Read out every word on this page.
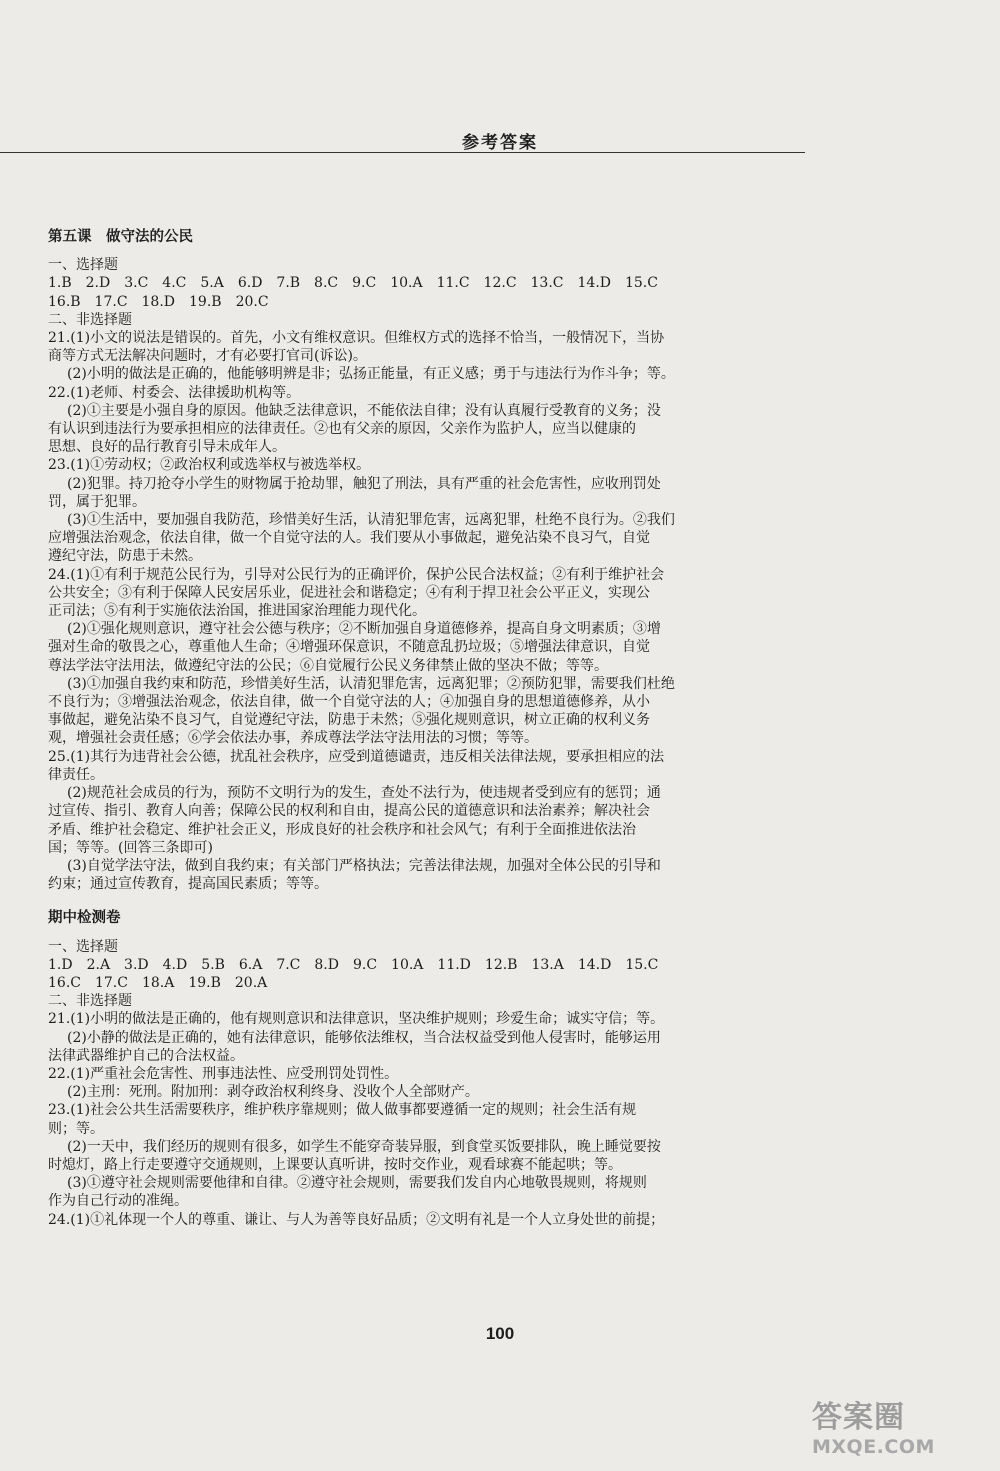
参考答案
第五课　做守法的公民
一、选择题
1.B　2.D　3.C　4.C　5.A　6.D　7.B　8.C　9.C　10.A　11.C　12.C　13.C　14.D　15.C
16.B　17.C　18.D　19.B　20.C
二、非选择题
21.(1)小文的说法是错误的。首先，小文有维权意识。但维权方式的选择不恰当，一般情况下，当协
商等方式无法解决问题时，才有必要打官司(诉讼)。
(2)小明的做法是正确的，他能够明辨是非；弘扬正能量，有正义感；勇于与违法行为作斗争；等。
22.(1)老师、村委会、法律援助机构等。
(2)①主要是小强自身的原因。他缺乏法律意识，不能依法自律；没有认真履行受教育的义务；没
有认识到违法行为要承担相应的法律责任。②也有父亲的原因，父亲作为监护人，应当以健康的
思想、良好的品行教育引导未成年人。
23.(1)①劳动权；②政治权利或选举权与被选举权。
(2)犯罪。持刀抢夺小学生的财物属于抢劫罪，触犯了刑法，具有严重的社会危害性，应收刑罚处
罚，属于犯罪。
(3)①生活中，要加强自我防范，珍惜美好生活，认清犯罪危害，远离犯罪，杜绝不良行为。②我们
应增强法治观念，依法自律，做一个自觉守法的人。我们要从小事做起，避免沾染不良习气，自觉
遵纪守法，防患于未然。
24.(1)①有利于规范公民行为，引导对公民行为的正确评价，保护公民合法权益；②有利于维护社会
公共安全；③有利于保障人民安居乐业，促进社会和谐稳定；④有利于捍卫社会公平正义，实现公
正司法；⑤有利于实施依法治国，推进国家治理能力现代化。
(2)①强化规则意识，遵守社会公德与秩序；②不断加强自身道德修养，提高自身文明素质；③增
强对生命的敬畏之心，尊重他人生命；④增强环保意识，不随意乱扔垃圾；⑤增强法律意识，自觉
尊法学法守法用法，做遵纪守法的公民；⑥自觉履行公民义务律禁止做的坚决不做；等等。
(3)①加强自我约束和防范，珍惜美好生活，认清犯罪危害，远离犯罪；②预防犯罪，需要我们杜绝
不良行为；③增强法治观念，依法自律，做一个自觉守法的人；④加强自身的思想道德修养，从小
事做起，避免沾染不良习气，自觉遵纪守法，防患于未然；⑤强化规则意识，树立正确的权利义务
观，增强社会责任感；⑥学会依法办事，养成尊法学法守法用法的习惯；等等。
25.(1)其行为违背社会公德，扰乱社会秩序，应受到道德谴责，违反相关法律法规，要承担相应的法
律责任。
(2)规范社会成员的行为，预防不文明行为的发生，查处不法行为，使违规者受到应有的惩罚；通
过宣传、指引、教育人向善；保障公民的权利和自由，提高公民的道德意识和法治素养；解决社会
矛盾、维护社会稳定、维护社会正义，形成良好的社会秩序和社会风气；有利于全面推进依法治
国；等等。(回答三条即可)
(3)自觉学法守法，做到自我约束；有关部门严格执法；完善法律法规，加强对全体公民的引导和
约束；通过宣传教育，提高国民素质；等等。
期中检测卷
一、选择题
1.D　2.A　3.D　4.D　5.B　6.A　7.C　8.D　9.C　10.A　11.D　12.B　13.A　14.D　15.C
16.C　17.C　18.A　19.B　20.A
二、非选择题
21.(1)小明的做法是正确的，他有规则意识和法律意识，坚决维护规则；珍爱生命；诚实守信；等。
(2)小静的做法是正确的，她有法律意识，能够依法维权，当合法权益受到他人侵害时，能够运用
法律武器维护自己的合法权益。
22.(1)严重社会危害性、刑事违法性、应受刑罚处罚性。
(2)主刑：死刑。附加刑：剥夺政治权利终身、没收个人全部财产。
23.(1)社会公共生活需要秩序，维护秩序靠规则；做人做事都要遵循一定的规则；社会生活有规
则；等。
(2)一天中，我们经历的规则有很多，如学生不能穿奇装异服，到食堂买饭要排队，晚上睡觉要按
时熄灯，路上行走要遵守交通规则，上课要认真听讲，按时交作业，观看球赛不能起哄；等。
(3)①遵守社会规则需要他律和自律。②遵守社会规则，需要我们发自内心地敬畏规则，将规则
作为自己行动的准绳。
24.(1)①礼体现一个人的尊重、谦让、与人为善等良好品质；②文明有礼是一个人立身处世的前提；
100
答案圈
MXQE.COM
